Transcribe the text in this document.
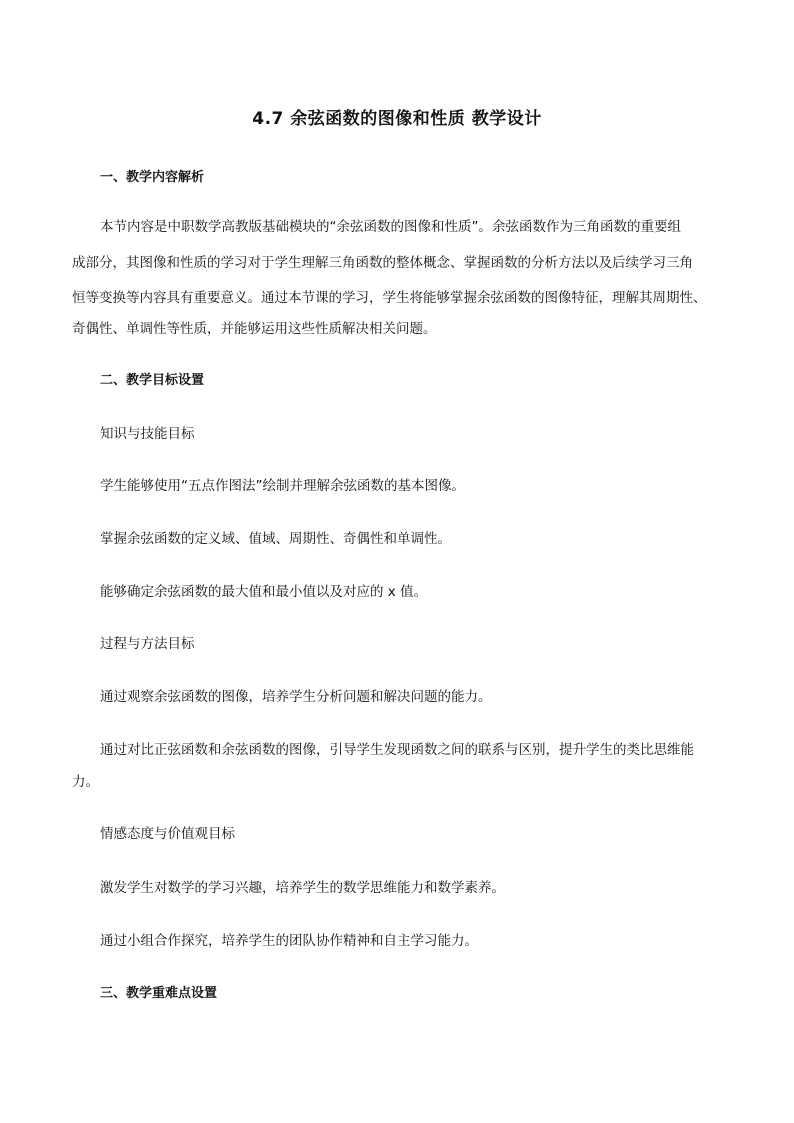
4.7 余弦函数的图像和性质 教学设计
一、教学内容解析
本节内容是中职数学高教版基础模块的“余弦函数的图像和性质”。余弦函数作为三角函数的重要组
成部分，其图像和性质的学习对于学生理解三角函数的整体概念、掌握函数的分析方法以及后续学习三角
恒等变换等内容具有重要意义。通过本节课的学习，学生将能够掌握余弦函数的图像特征，理解其周期性、
奇偶性、单调性等性质，并能够运用这些性质解决相关问题。
二、教学目标设置
知识与技能目标
学生能够使用“五点作图法”绘制并理解余弦函数的基本图像。
掌握余弦函数的定义域、值域、周期性、奇偶性和单调性。
能够确定余弦函数的最大值和最小值以及对应的 x 值。
过程与方法目标
通过观察余弦函数的图像，培养学生分析问题和解决问题的能力。
通过对比正弦函数和余弦函数的图像，引导学生发现函数之间的联系与区别，提升学生的类比思维能
力。
情感态度与价值观目标
激发学生对数学的学习兴趣，培养学生的数学思维能力和数学素养。
通过小组合作探究，培养学生的团队协作精神和自主学习能力。
三、教学重难点设置
